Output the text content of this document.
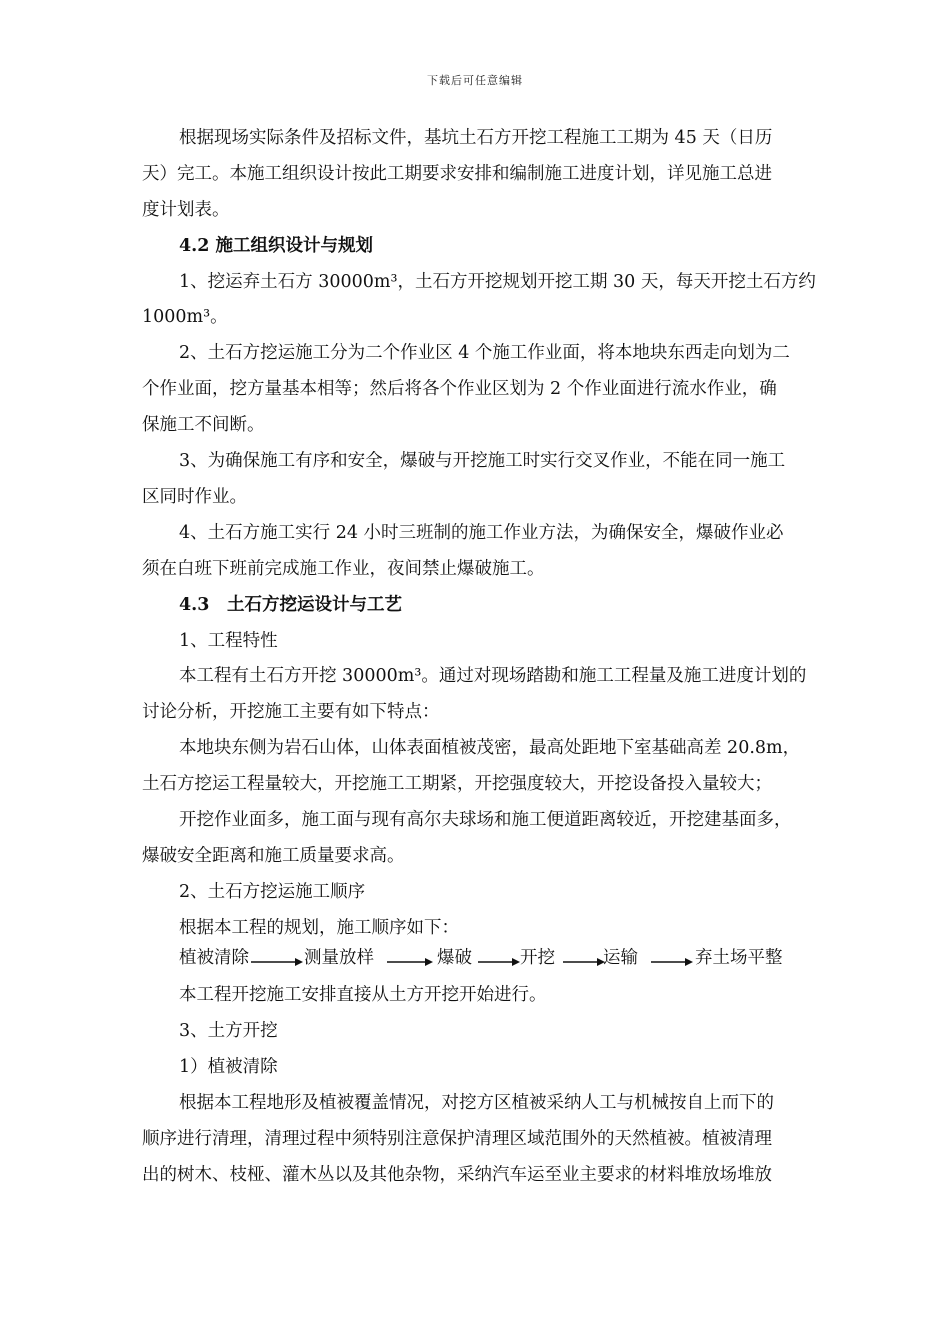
下载后可任意编辑
根据现场实际条件及招标文件，基坑土石方开挖工程施工工期为 45 天（日历
天）完工。本施工组织设计按此工期要求安排和编制施工进度计划，详见施工总进
度计划表。
4.2 施工组织设计与规划
1、挖运弃土石方 30000m³，土石方开挖规划开挖工期 30 天，每天开挖土石方约
1000m³。
2、土石方挖运施工分为二个作业区 4 个施工作业面，将本地块东西走向划为二
个作业面，挖方量基本相等；然后将各个作业区划为 2 个作业面进行流水作业，确
保施工不间断。
3、为确保施工有序和安全，爆破与开挖施工时实行交叉作业，不能在同一施工
区同时作业。
4、土石方施工实行 24 小时三班制的施工作业方法，为确保安全，爆破作业必
须在白班下班前完成施工作业，夜间禁止爆破施工。
4.3　土石方挖运设计与工艺
1、工程特性
本工程有土石方开挖 30000m³。通过对现场踏勘和施工工程量及施工进度计划的
讨论分析，开挖施工主要有如下特点：
本地块东侧为岩石山体，山体表面植被茂密，最高处距地下室基础高差 20.8m，
土石方挖运工程量较大，开挖施工工期紧，开挖强度较大，开挖设备投入量较大；
开挖作业面多，施工面与现有高尔夫球场和施工便道距离较近，开挖建基面多，
爆破安全距离和施工质量要求高。
2、土石方挖运施工顺序
根据本工程的规划，施工顺序如下：
植被清除	测量放样	爆破	开挖	运输	弃土场平整
本工程开挖施工安排直接从土方开挖开始进行。
3、土方开挖
1）植被清除
根据本工程地形及植被覆盖情况，对挖方区植被采纳人工与机械按自上而下的
顺序进行清理，清理过程中须特别注意保护清理区域范围外的天然植被。植被清理
出的树木、枝桠、灌木丛以及其他杂物，采纳汽车运至业主要求的材料堆放场堆放
